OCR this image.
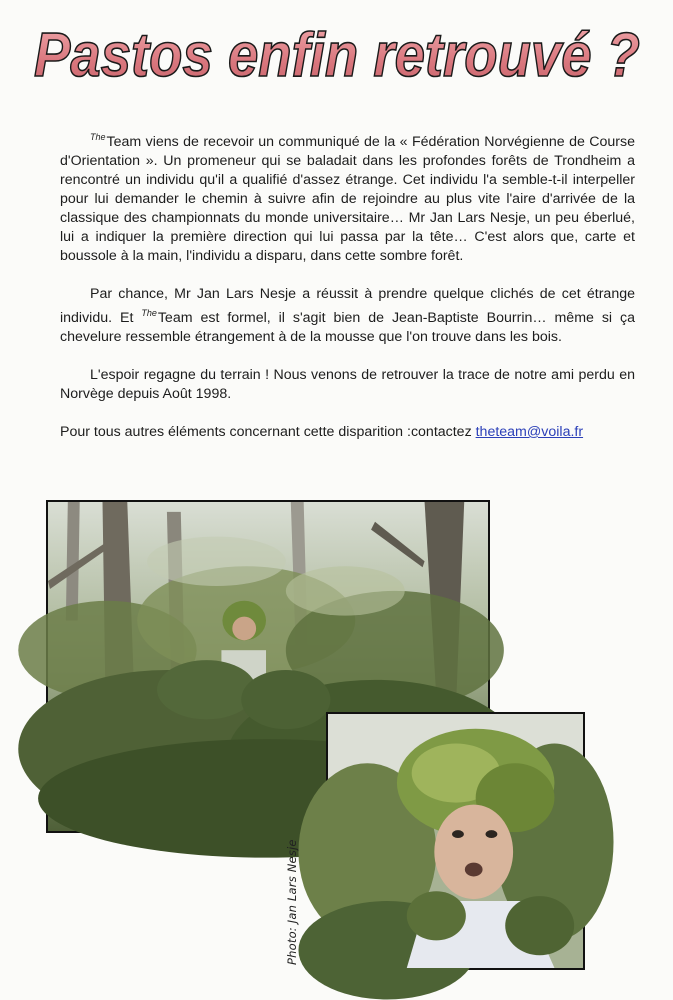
Pastos enfin retrouvé ?

$^{The}$Team viens de recevoir un communiqué de la « Fédération Norvégienne de Course d'Orientation ». Un promeneur qui se baladait dans les profondes forêts de Trondheim a rencontré un individu qu'il a qualifié d'assez étrange. Cet individu l'a semble-t-il interpeller pour lui demander le chemin à suivre afin de rejoindre au plus vite l'aire d'arrivée de la classique des championnats du monde universitaire… Mr Jan Lars Nesje, un peu éberlué, lui a indiquer la première direction qui lui passa par la tête… C'est alors que, carte et boussole à la main, l'individu a disparu, dans cette sombre forêt.

Par chance, Mr Jan Lars Nesje a réussit à prendre quelque clichés de cet étrange individu. Et $^{The}$Team est formel, il s'agit bien de Jean-Baptiste Bourrin… même si ça chevelure ressemble étrangement à de la mousse que l'on trouve dans les bois.

L'espoir regagne du terrain ! Nous venons de retrouver la trace de notre ami perdu en Norvège depuis Août 1998.

Pour tous autres éléments concernant cette disparition :contactez theteam@voila.fr

Photo: Jan Lars Nesje
